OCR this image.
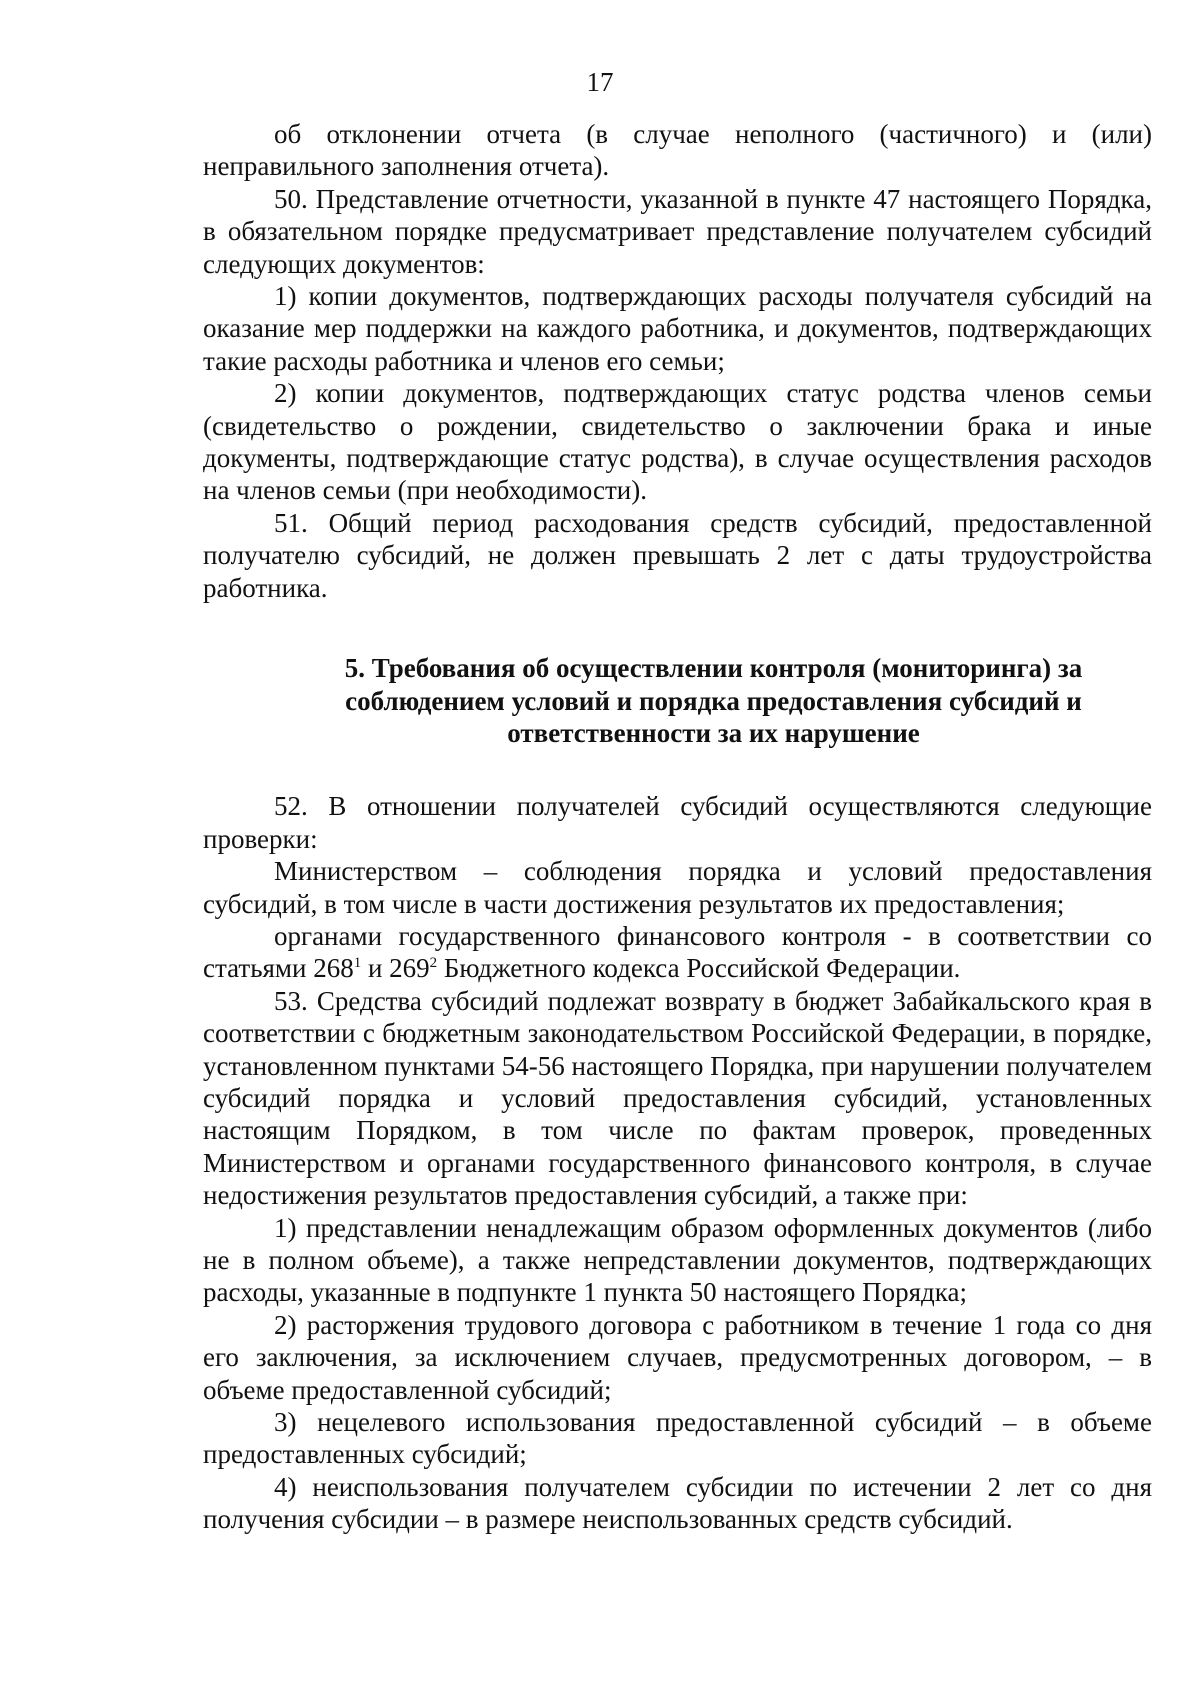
17

об отклонении отчета (в случае неполного (частичного) и (или) неправильного заполнения отчета).

50. Представление отчетности, указанной в пункте 47 настоящего Порядка, в обязательном порядке предусматривает представление получателем субсидий следующих документов:

1) копии документов, подтверждающих расходы получателя субсидий на оказание мер поддержки на каждого работника, и документов, подтверждающих такие расходы работника и членов его семьи;

2) копии документов, подтверждающих статус родства членов семьи (свидетельство о рождении, свидетельство о заключении брака и иные документы, подтверждающие статус родства), в случае осуществления расходов на членов семьи (при необходимости).

51. Общий период расходования средств субсидий, предоставленной получателю субсидий, не должен превышать 2 лет с даты трудоустройства работника.

5. Требования об осуществлении контроля (мониторинга) за

соблюдением условий и порядка предоставления субсидий и

ответственности за их нарушение

52. В отношении получателей субсидий осуществляются следующие проверки:

Министерством – соблюдения порядка и условий предоставления субсидий, в том числе в части достижения результатов их предоставления;

органами государственного финансового контроля - в соответствии со статьями $268^1$ и $269^2$ Бюджетного кодекса Российской Федерации.

53. Средства субсидий подлежат возврату в бюджет Забайкальского края в соответствии с бюджетным законодательством Российской Федерации, в порядке, установленном пунктами 54-56 настоящего Порядка, при нарушении получателем субсидий порядка и условий предоставления субсидий, установленных настоящим Порядком, в том числе по фактам проверок, проведенных Министерством и органами государственного финансового контроля, в случае недостижения результатов предоставления субсидий, а также при:

1) представлении ненадлежащим образом оформленных документов (либо не в полном объеме), а также непредставлении документов, подтверждающих расходы, указанные в подпункте 1 пункта 50 настоящего Порядка;

2) расторжения трудового договора с работником в течение 1 года со дня его заключения, за исключением случаев, предусмотренных договором, – в объеме предоставленной субсидий;

3) нецелевого использования предоставленной субсидий – в объеме предоставленных субсидий;

4) неиспользования получателем субсидии по истечении 2 лет со дня получения субсидии – в размере неиспользованных средств субсидий.
